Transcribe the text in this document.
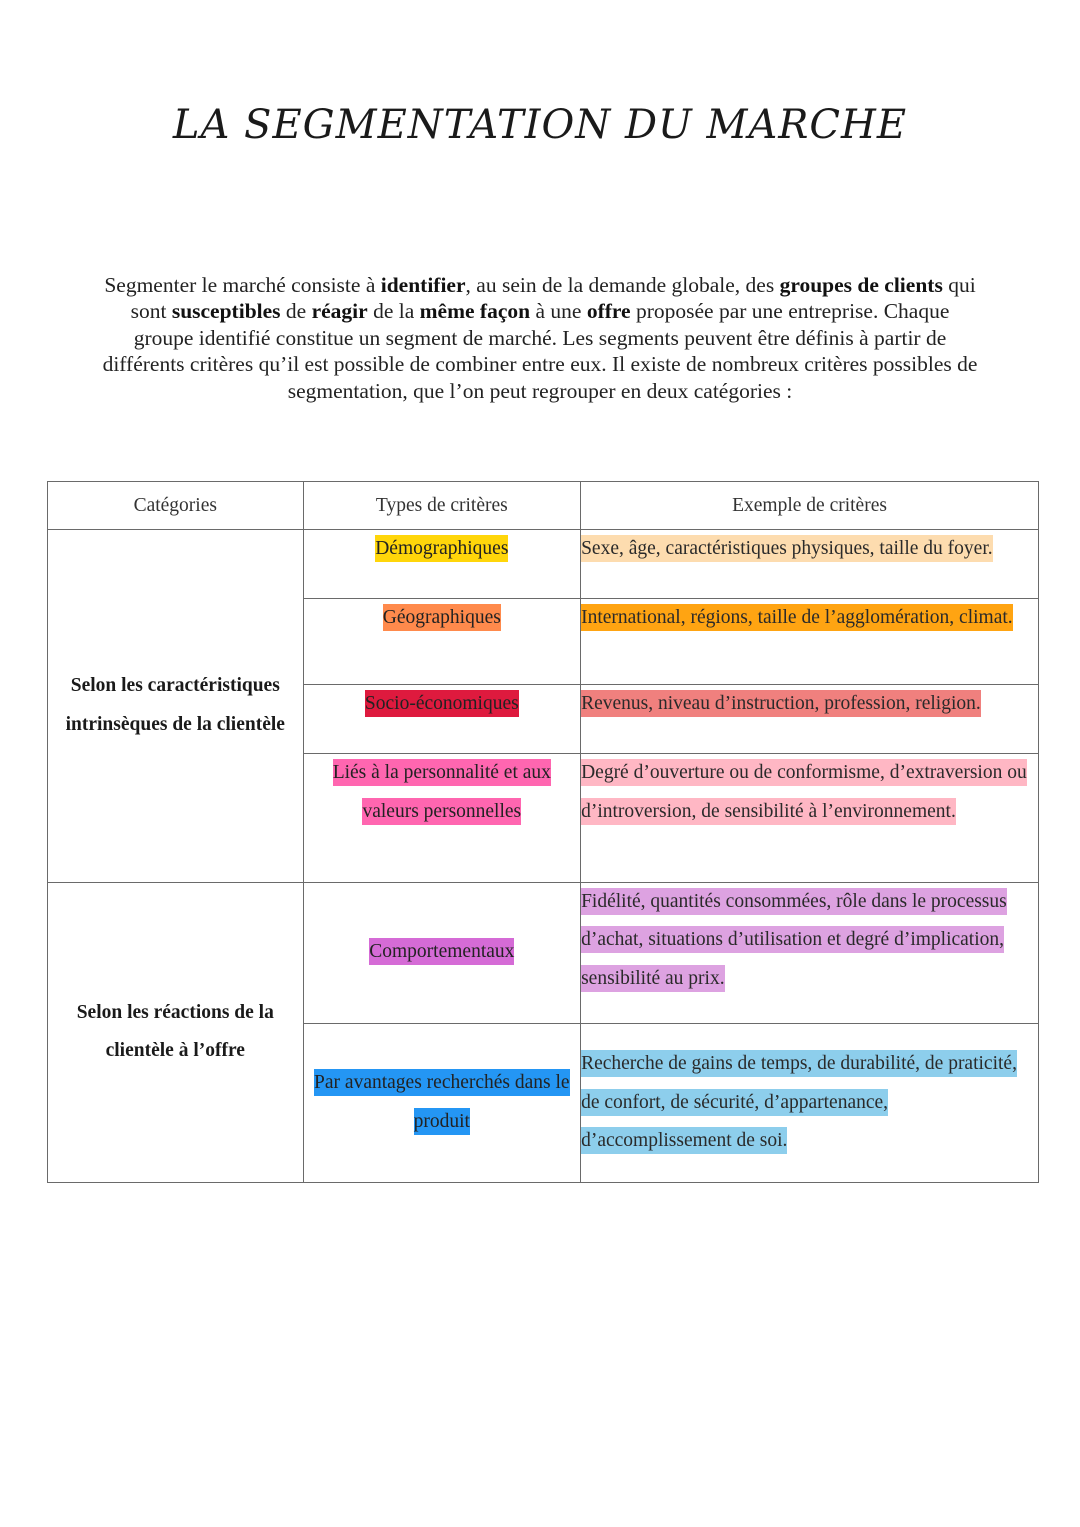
LA SEGMENTATION DU MARCHE
Segmenter le marché consiste à identifier, au sein de la demande globale, des groupes de clients qui sont susceptibles de réagir de la même façon à une offre proposée par une entreprise. Chaque groupe identifié constitue un segment de marché. Les segments peuvent être définis à partir de différents critères qu’il est possible de combiner entre eux. Il existe de nombreux critères possibles de segmentation, que l’on peut regrouper en deux catégories :
Catégories	Types de critères	Exemple de critères
Selon les caractéristiques intrinsèques de la clientèle	Démographiques	Sexe, âge, caractéristiques physiques, taille du foyer.
	Géographiques	International, régions, taille de l’agglomération, climat.
	Socio-économiques	Revenus, niveau d’instruction, profession, religion.
	Liés à la personnalité et aux valeurs personnelles	Degré d’ouverture ou de conformisme, d’extraversion ou d’introversion, de sensibilité à l’environnement.
Selon les réactions de la clientèle à l’offre	Comportementaux	Fidélité, quantités consommées, rôle dans le processus d’achat, situations d’utilisation et degré d’implication, sensibilité au prix.
	Par avantages recherchés dans le produit	Recherche de gains de temps, de durabilité, de praticité, de confort, de sécurité, d’appartenance, d’accomplissement de soi.
